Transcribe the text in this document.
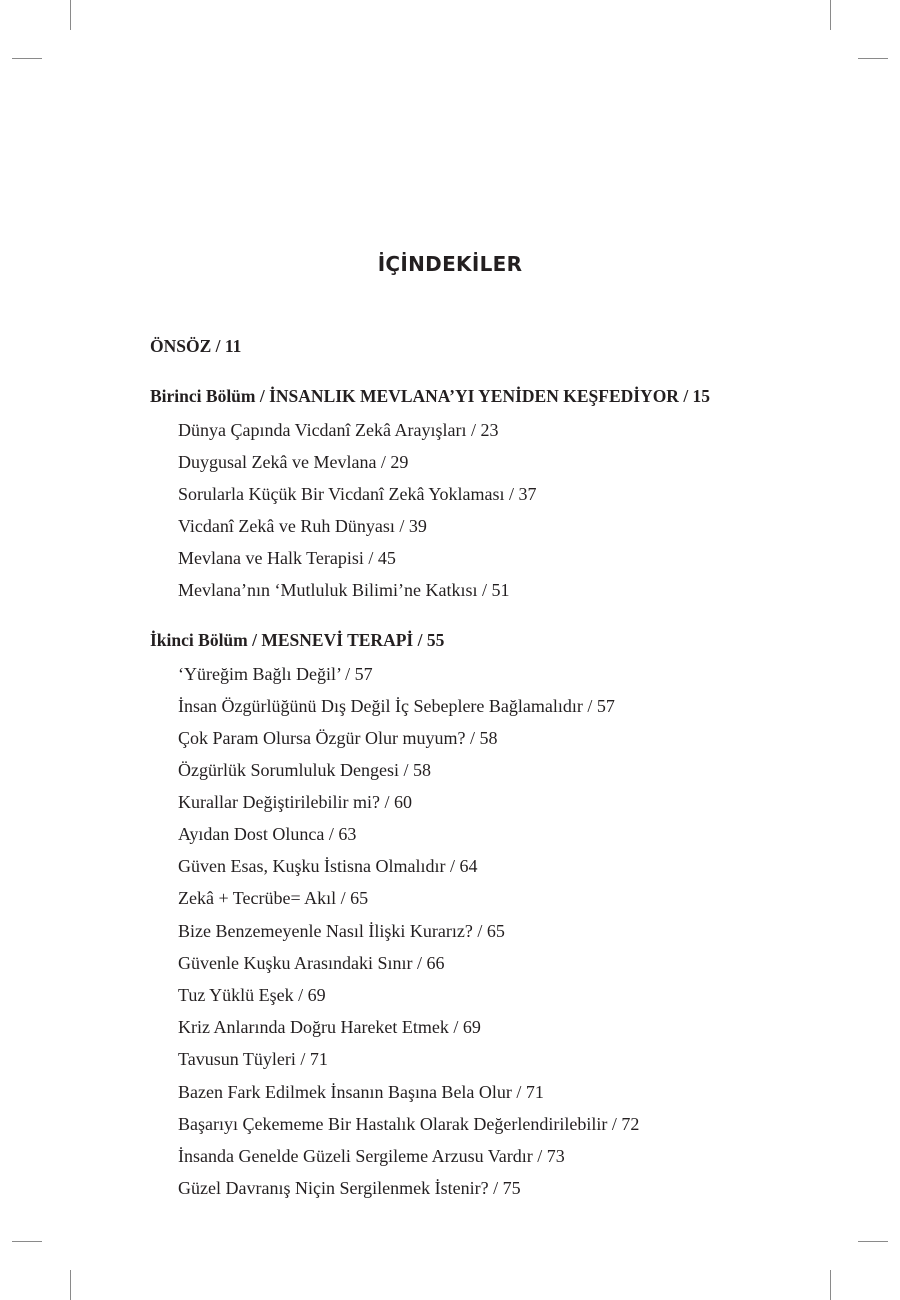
İÇİNDEKİLER
ÖNSÖZ / 11
Birinci Bölüm / İNSANLIK MEVLANA’YI YENİDEN KEŞFEDİYOR / 15
Dünya Çapında Vicdanî Zekâ Arayışları / 23
Duygusal Zekâ ve Mevlana / 29
Sorularla Küçük Bir Vicdanî Zekâ Yoklaması / 37
Vicdanî Zekâ ve Ruh Dünyası / 39
Mevlana ve Halk Terapisi / 45
Mevlana’nın ‘Mutluluk Bilimi’ne Katkısı / 51
İkinci Bölüm / MESNEVİ TERAPİ / 55
‘Yüreğim Bağlı Değil’ / 57
İnsan Özgürlüğünü Dış Değil İç Sebeplere Bağlamalıdır / 57
Çok Param Olursa Özgür Olur muyum? / 58
Özgürlük Sorumluluk Dengesi / 58
Kurallar Değiştirilebilir mi? / 60
Ayıdan Dost Olunca / 63
Güven Esas, Kuşku İstisna Olmalıdır / 64
Zekâ + Tecrübe= Akıl / 65
Bize Benzemeyenle Nasıl İlişki Kurarız? / 65
Güvenle Kuşku Arasındaki Sınır / 66
Tuz Yüklü Eşek / 69
Kriz Anlarında Doğru Hareket Etmek / 69
Tavusun Tüyleri / 71
Bazen Fark Edilmek İnsanın Başına Bela Olur / 71
Başarıyı Çekememe Bir Hastalık Olarak Değerlendirilebilir / 72
İnsanda Genelde Güzeli Sergileme Arzusu Vardır / 73
Güzel Davranış Niçin Sergilenmek İstenir? / 75
